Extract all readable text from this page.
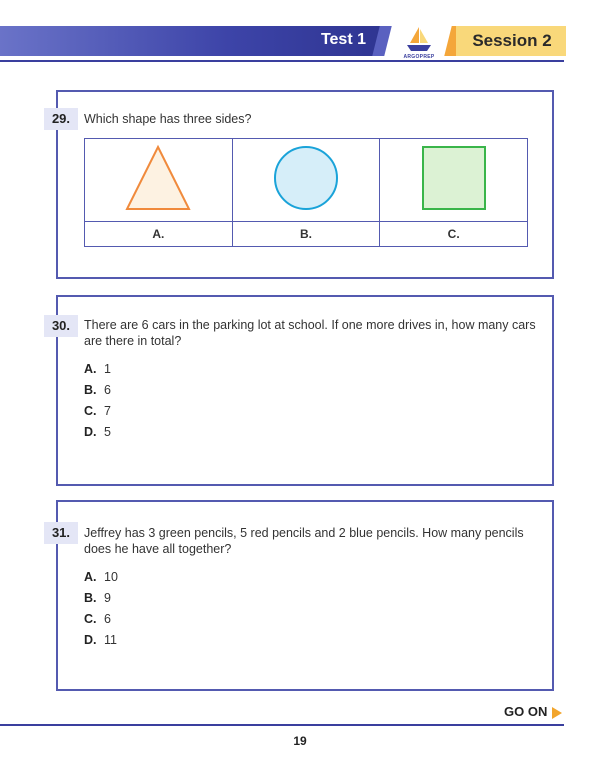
Test 1
ARGOPREP
Session 2
29.	Which shape has three sides?

A.	B.	C.
30.	There are 6 cars in the parking lot at school. If one more drives in, how many cars are there in total?
A. 1
B. 6
C. 7
D. 5
31.	Jeffrey has 3 green pencils, 5 red pencils and 2 blue pencils. How many pencils does he have all together?
A. 10
B. 9
C. 6
D. 11
GO ON
19
